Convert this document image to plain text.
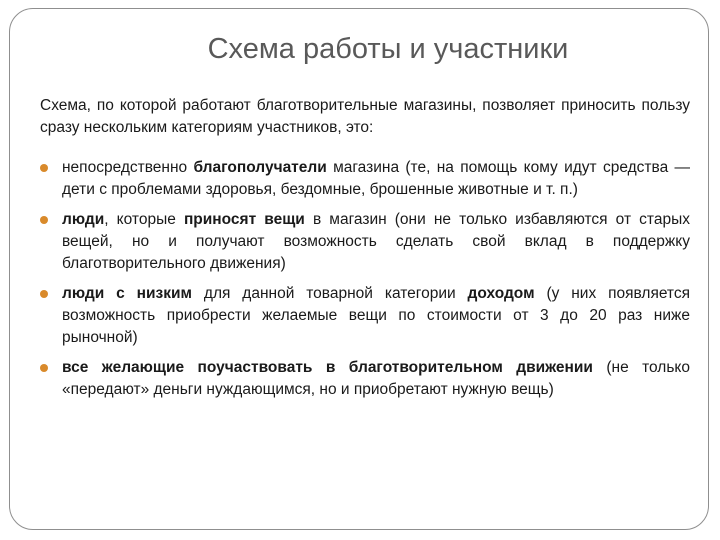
Схема работы и участники

Схема, по которой работают благотворительные магазины, позволяет приносить пользу сразу нескольким категориям участников, это:

непосредственно благополучатели магазина (те, на помощь кому идут средства — дети с проблемами здоровья, бездомные, брошенные животные и т. п.)
люди, которые приносят вещи в магазин (они не только избавляются от старых вещей, но и получают возможность сделать свой вклад в поддержку благотворительного движения)
люди с низким для данной товарной категории доходом (у них появляется возможность приобрести желаемые вещи по стоимости от 3 до 20 раз ниже рыночной)
все желающие поучаствовать в благотворительном движении (не только «передают» деньги нуждающимся, но и приобретают нужную вещь)
